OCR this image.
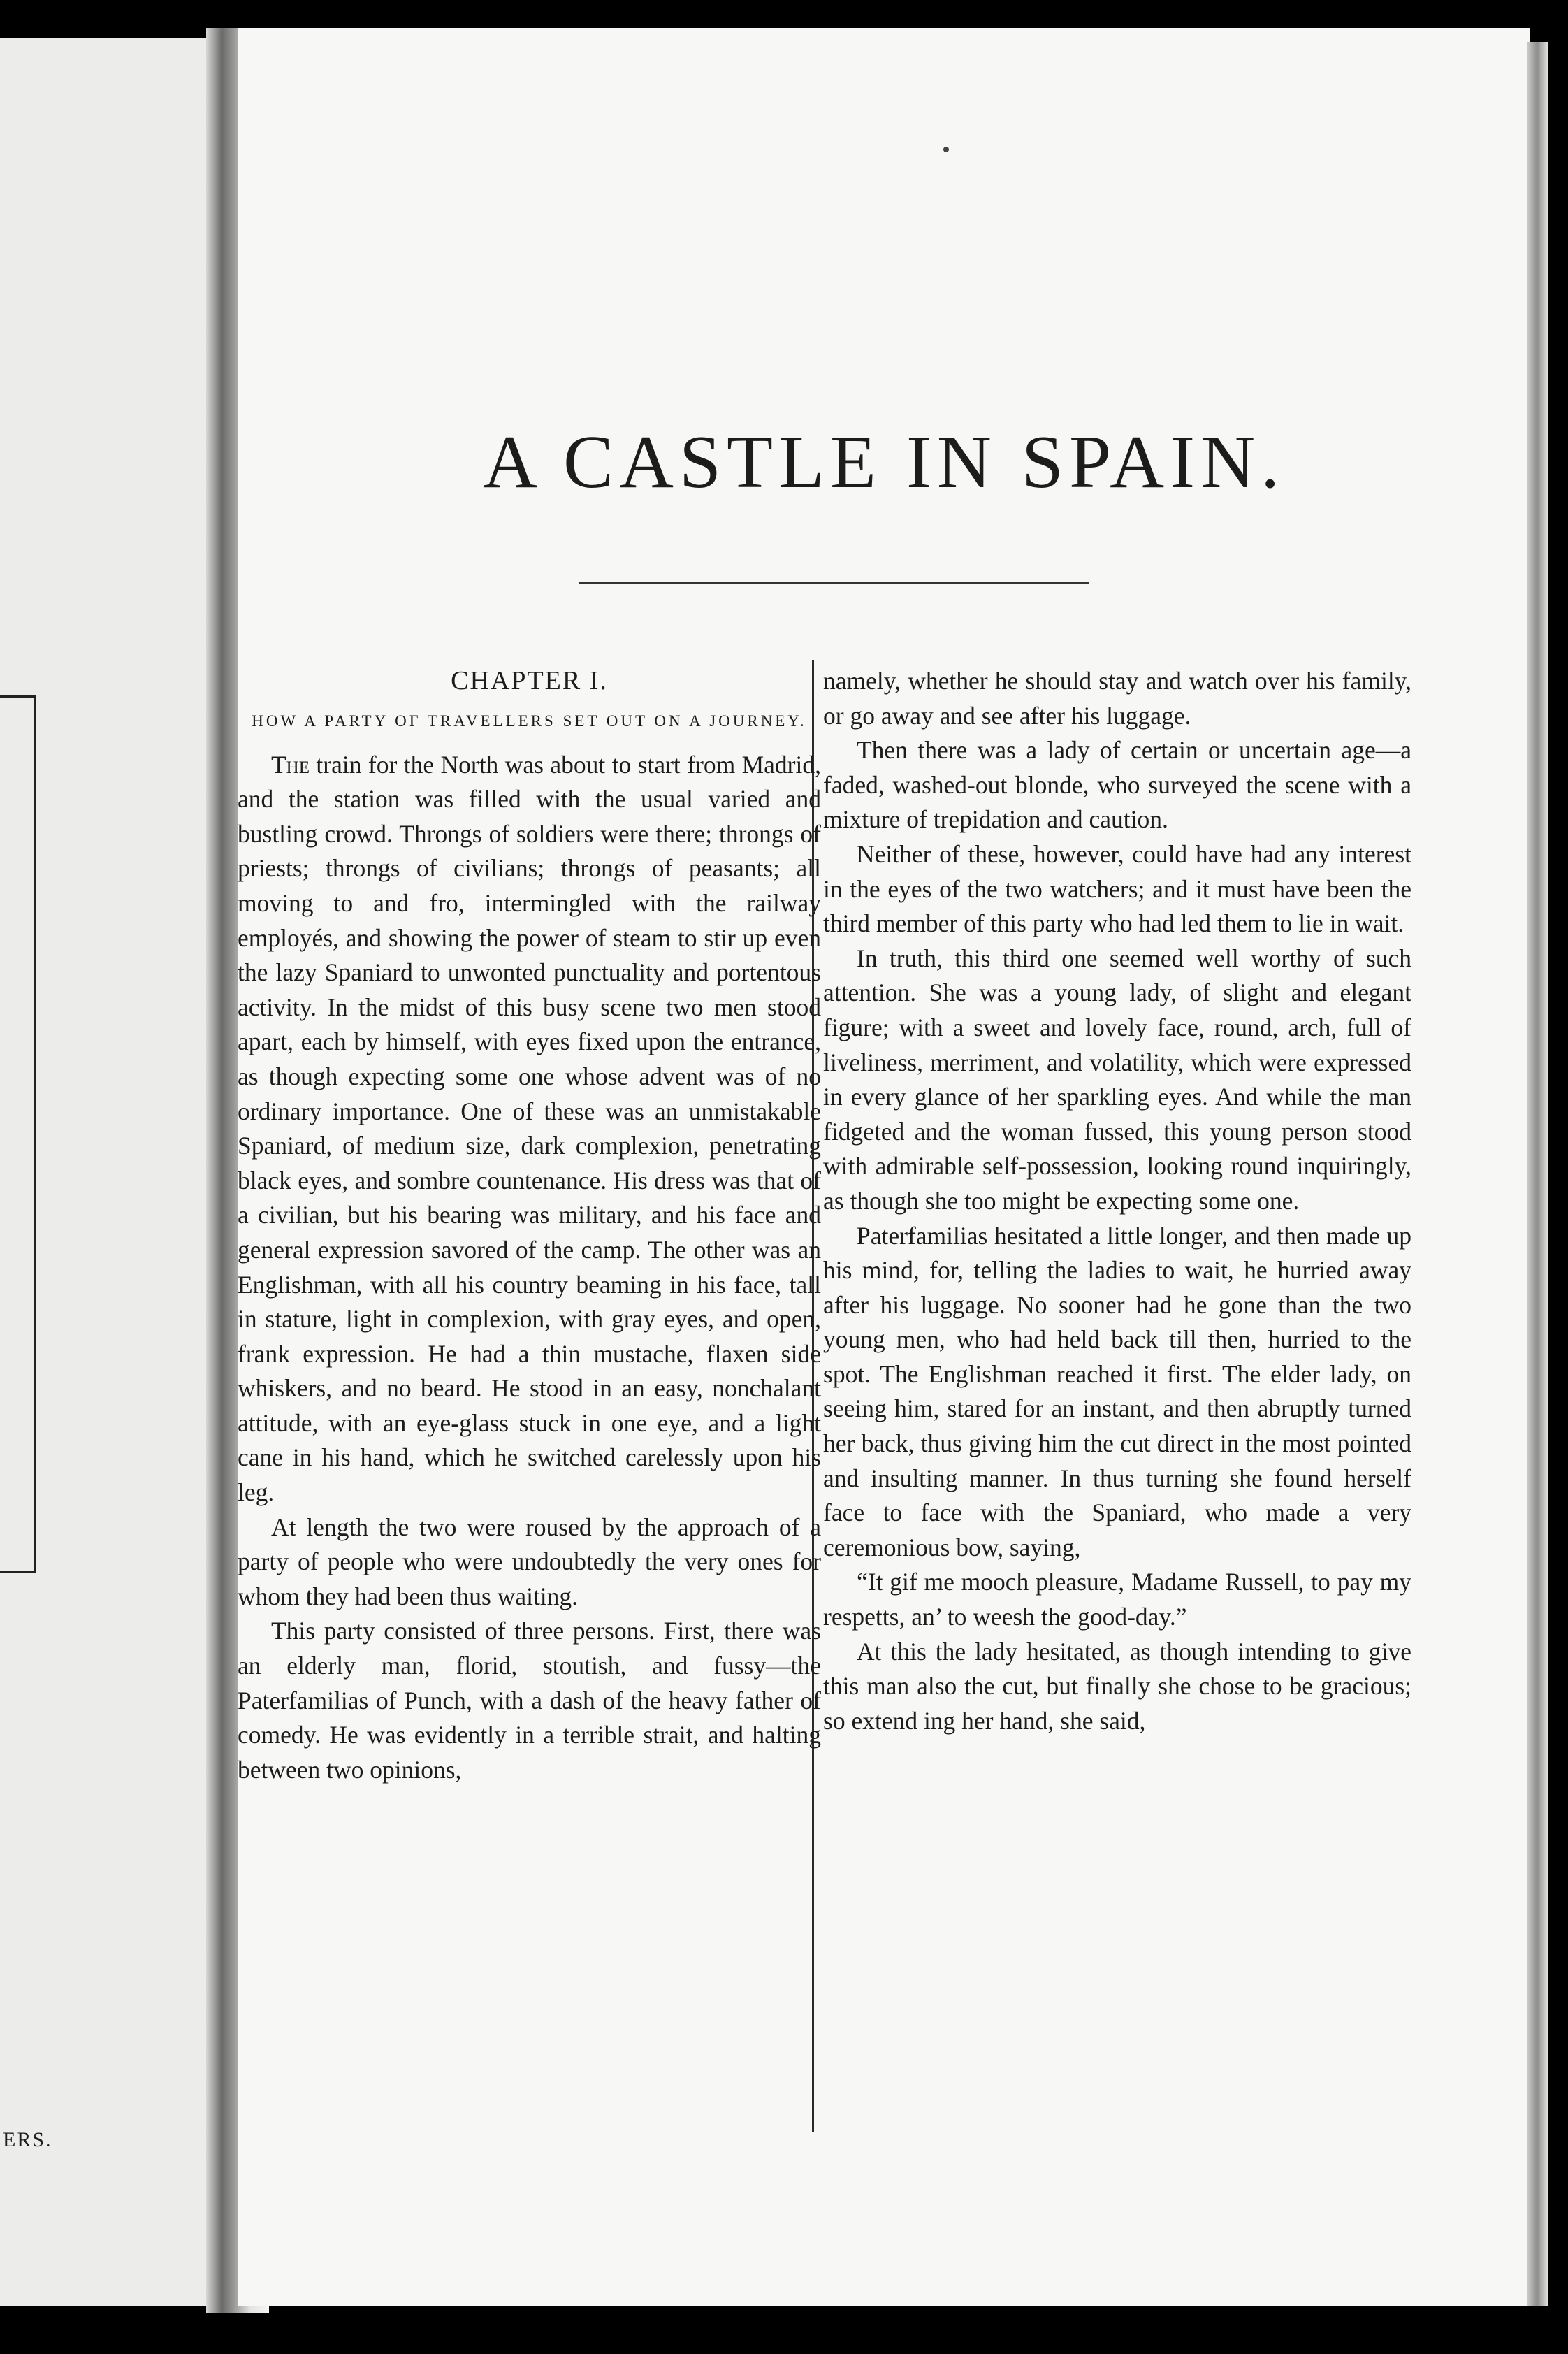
ERS.
A CASTLE IN SPAIN.
CHAPTER I.
HOW A PARTY OF TRAVELLERS SET OUT ON A JOURNEY.

The train for the North was about to start from Madrid, and the station was filled with the usual varied and bustling crowd. Throngs of soldiers were there; throngs of priests; throngs of civilians; throngs of peasants; all moving to and fro, intermingled with the railway employés, and showing the power of steam to stir up even the lazy Spaniard to unwonted punctuality and portentous activity. In the midst of this busy scene two men stood apart, each by himself, with eyes fixed upon the entrance, as though expecting some one whose advent was of no ordinary importance. One of these was an unmistakable Spaniard, of medium size, dark complexion, penetrating black eyes, and sombre countenance. His dress was that of a civilian, but his bearing was military, and his face and general expression savored of the camp. The other was an Englishman, with all his country beaming in his face, tall in stature, light in complexion, with gray eyes, and open, frank expression. He had a thin mustache, flaxen side whiskers, and no beard. He stood in an easy, nonchalant attitude, with an eye-glass stuck in one eye, and a light cane in his hand, which he switched carelessly upon his leg.

At length the two were roused by the approach of a party of people who were undoubtedly the very ones for whom they had been thus waiting.

This party consisted of three persons. First, there was an elderly man, florid, stoutish, and fussy—the Paterfamilias of Punch, with a dash of the heavy father of comedy. He was evidently in a terrible strait, and halting between two opinions,

namely, whether he should stay and watch over his family, or go away and see after his luggage.

Then there was a lady of certain or uncertain age—a faded, washed-out blonde, who surveyed the scene with a mixture of trepidation and caution.

Neither of these, however, could have had any interest in the eyes of the two watchers; and it must have been the third member of this party who had led them to lie in wait.

In truth, this third one seemed well worthy of such attention. She was a young lady, of slight and elegant figure; with a sweet and lovely face, round, arch, full of liveliness, merriment, and volatility, which were expressed in every glance of her sparkling eyes. And while the man fidgeted and the woman fussed, this young person stood with admirable self-possession, looking round inquiringly, as though she too might be expecting some one.

Paterfamilias hesitated a little longer, and then made up his mind, for, telling the ladies to wait, he hurried away after his luggage. No sooner had he gone than the two young men, who had held back till then, hurried to the spot. The Englishman reached it first. The elder lady, on seeing him, stared for an instant, and then abruptly turned her back, thus giving him the cut direct in the most pointed and insulting manner. In thus turning she found herself face to face with the Spaniard, who made a very ceremonious bow, saying,

“It gif me mooch pleasure, Madame Russell, to pay my respetts, an’ to weesh the good-day.”

At this the lady hesitated, as though intending to give this man also the cut, but finally she chose to be gracious; so extend ing her hand, she said,
